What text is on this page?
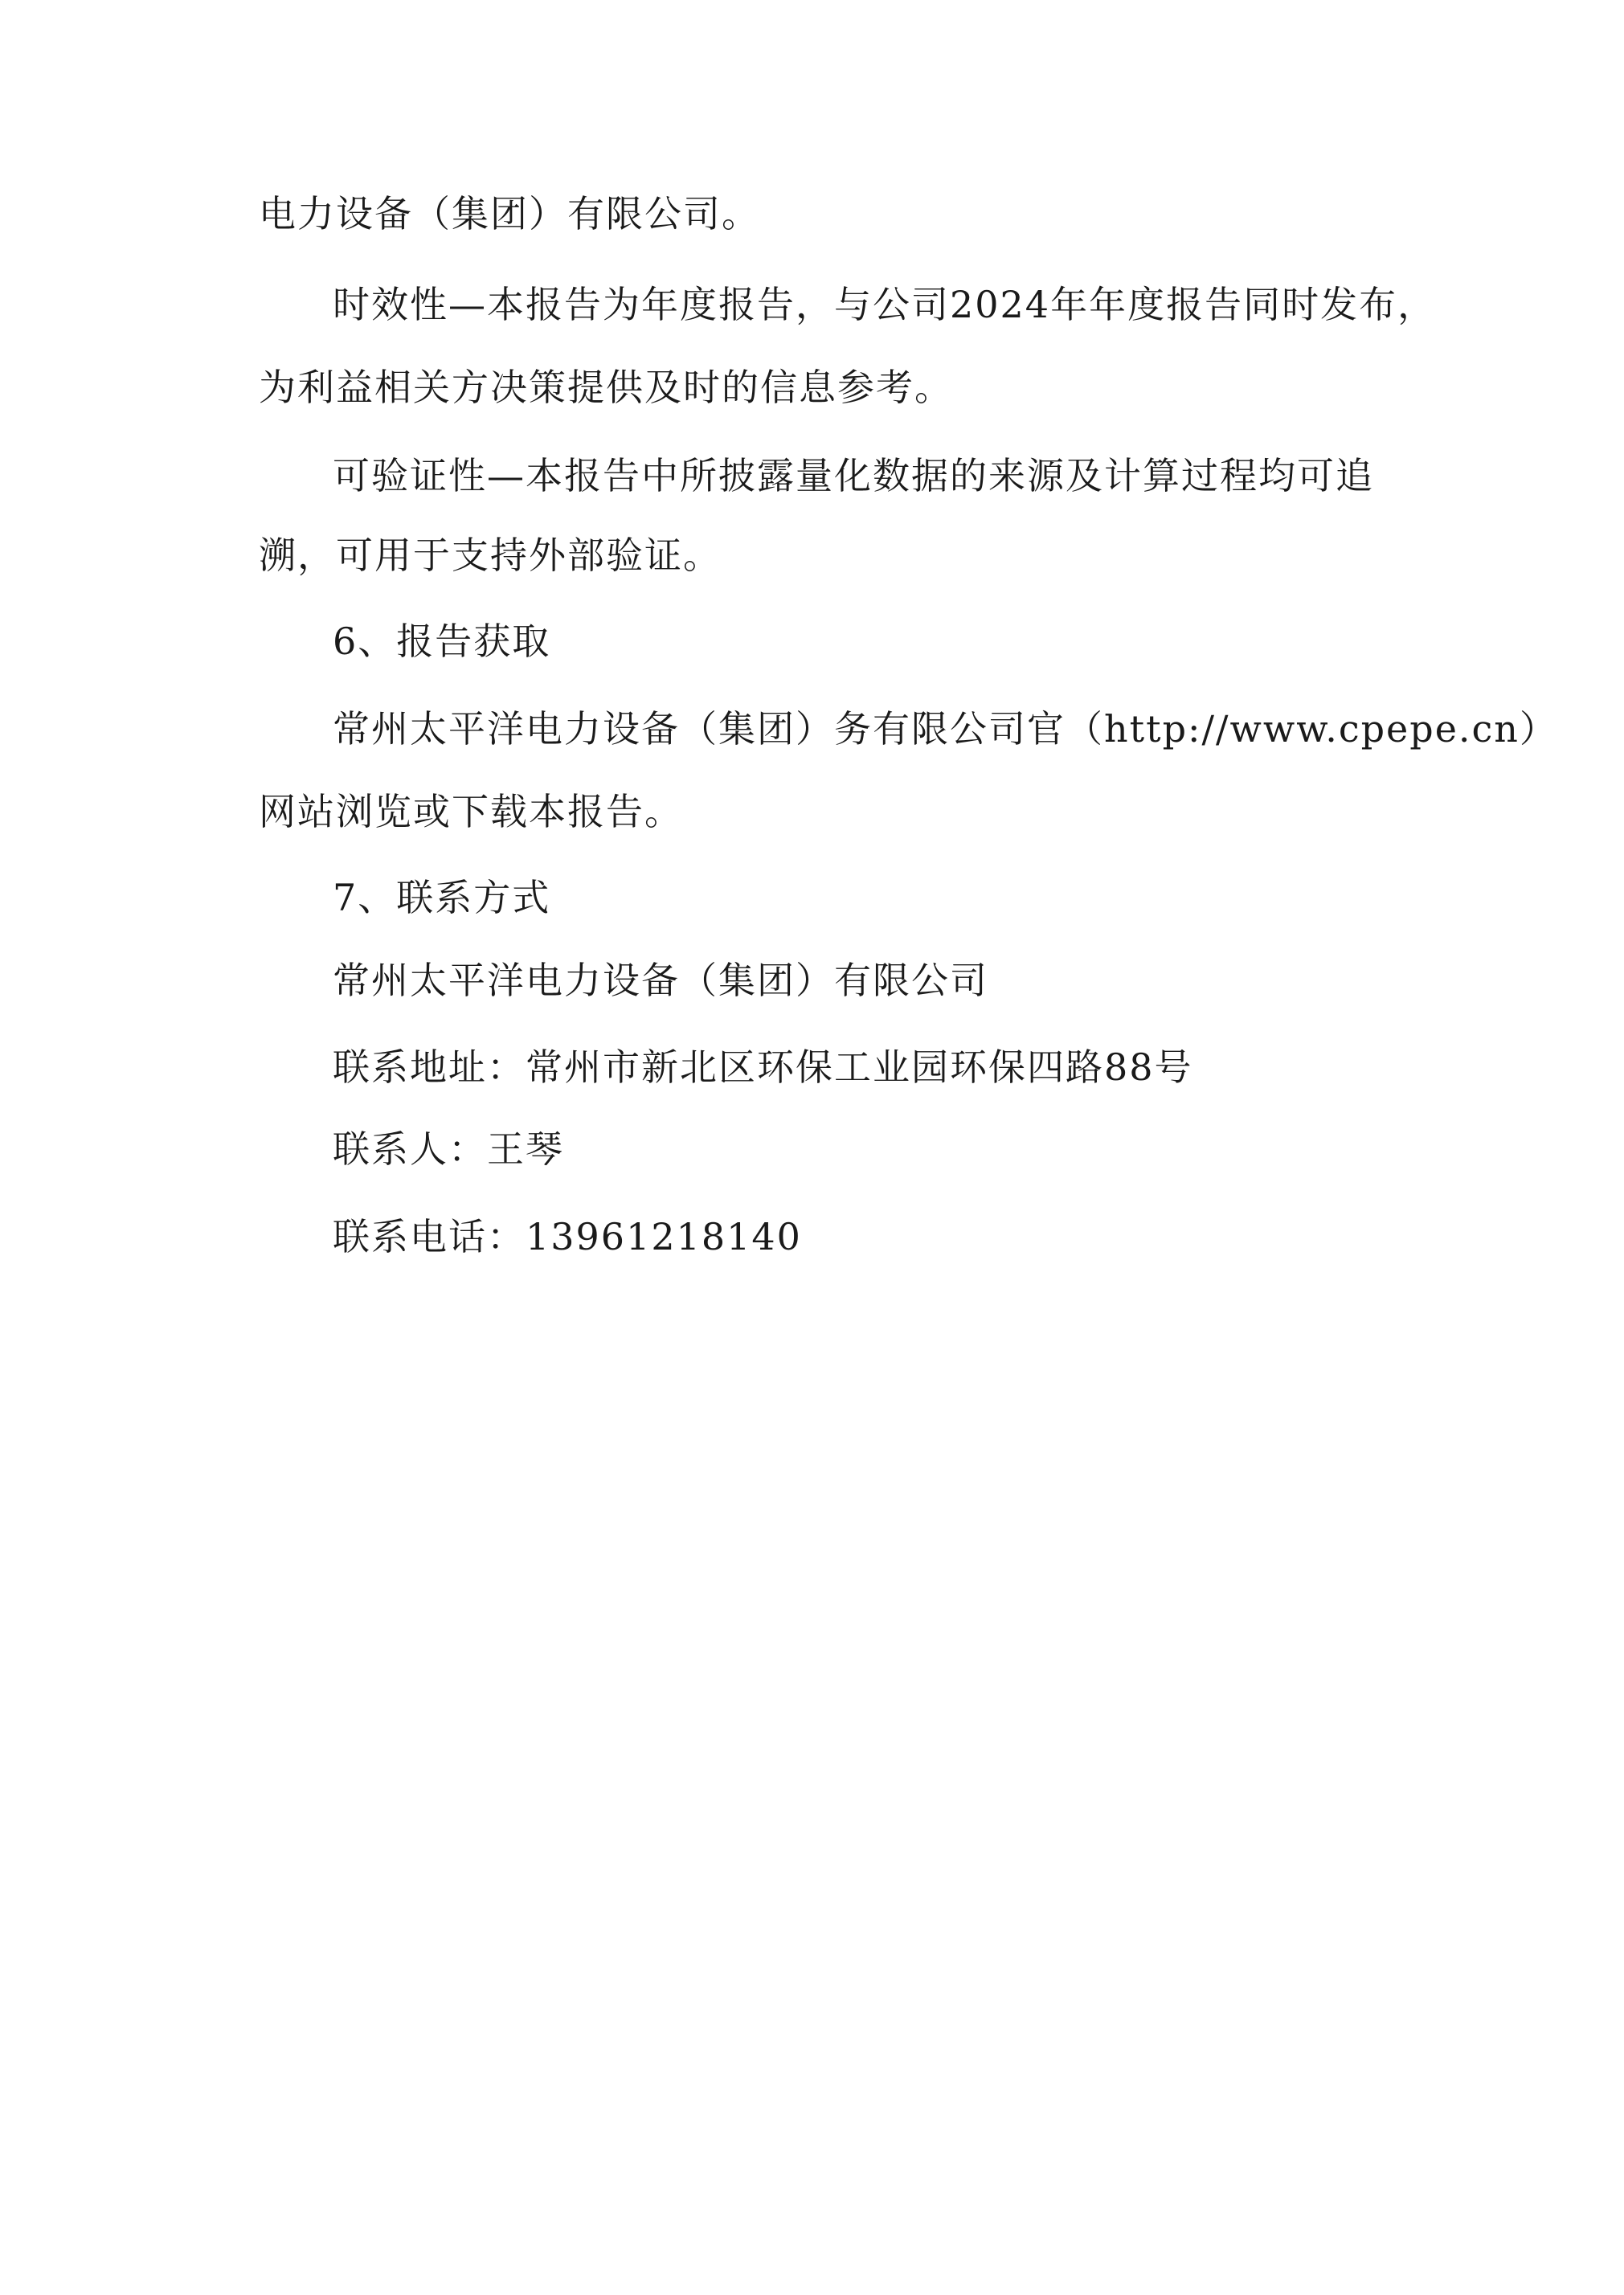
电力设备（集团）有限公司。
时效性—本报告为年度报告，与公司2024年年度报告同时发布，
为利益相关方决策提供及时的信息参考。
可验证性—本报告中所披露量化数据的来源及计算过程均可追
溯，可用于支持外部验证。
6、报告获取
常州太平洋电力设备（集团）务有限公司官（http://www.cpepe.cn）
网站浏览或下载本报告。
7、联系方式
常州太平洋电力设备（集团）有限公司
联系地址：常州市新北区环保工业园环保四路88号
联系人：王琴
联系电话：13961218140
